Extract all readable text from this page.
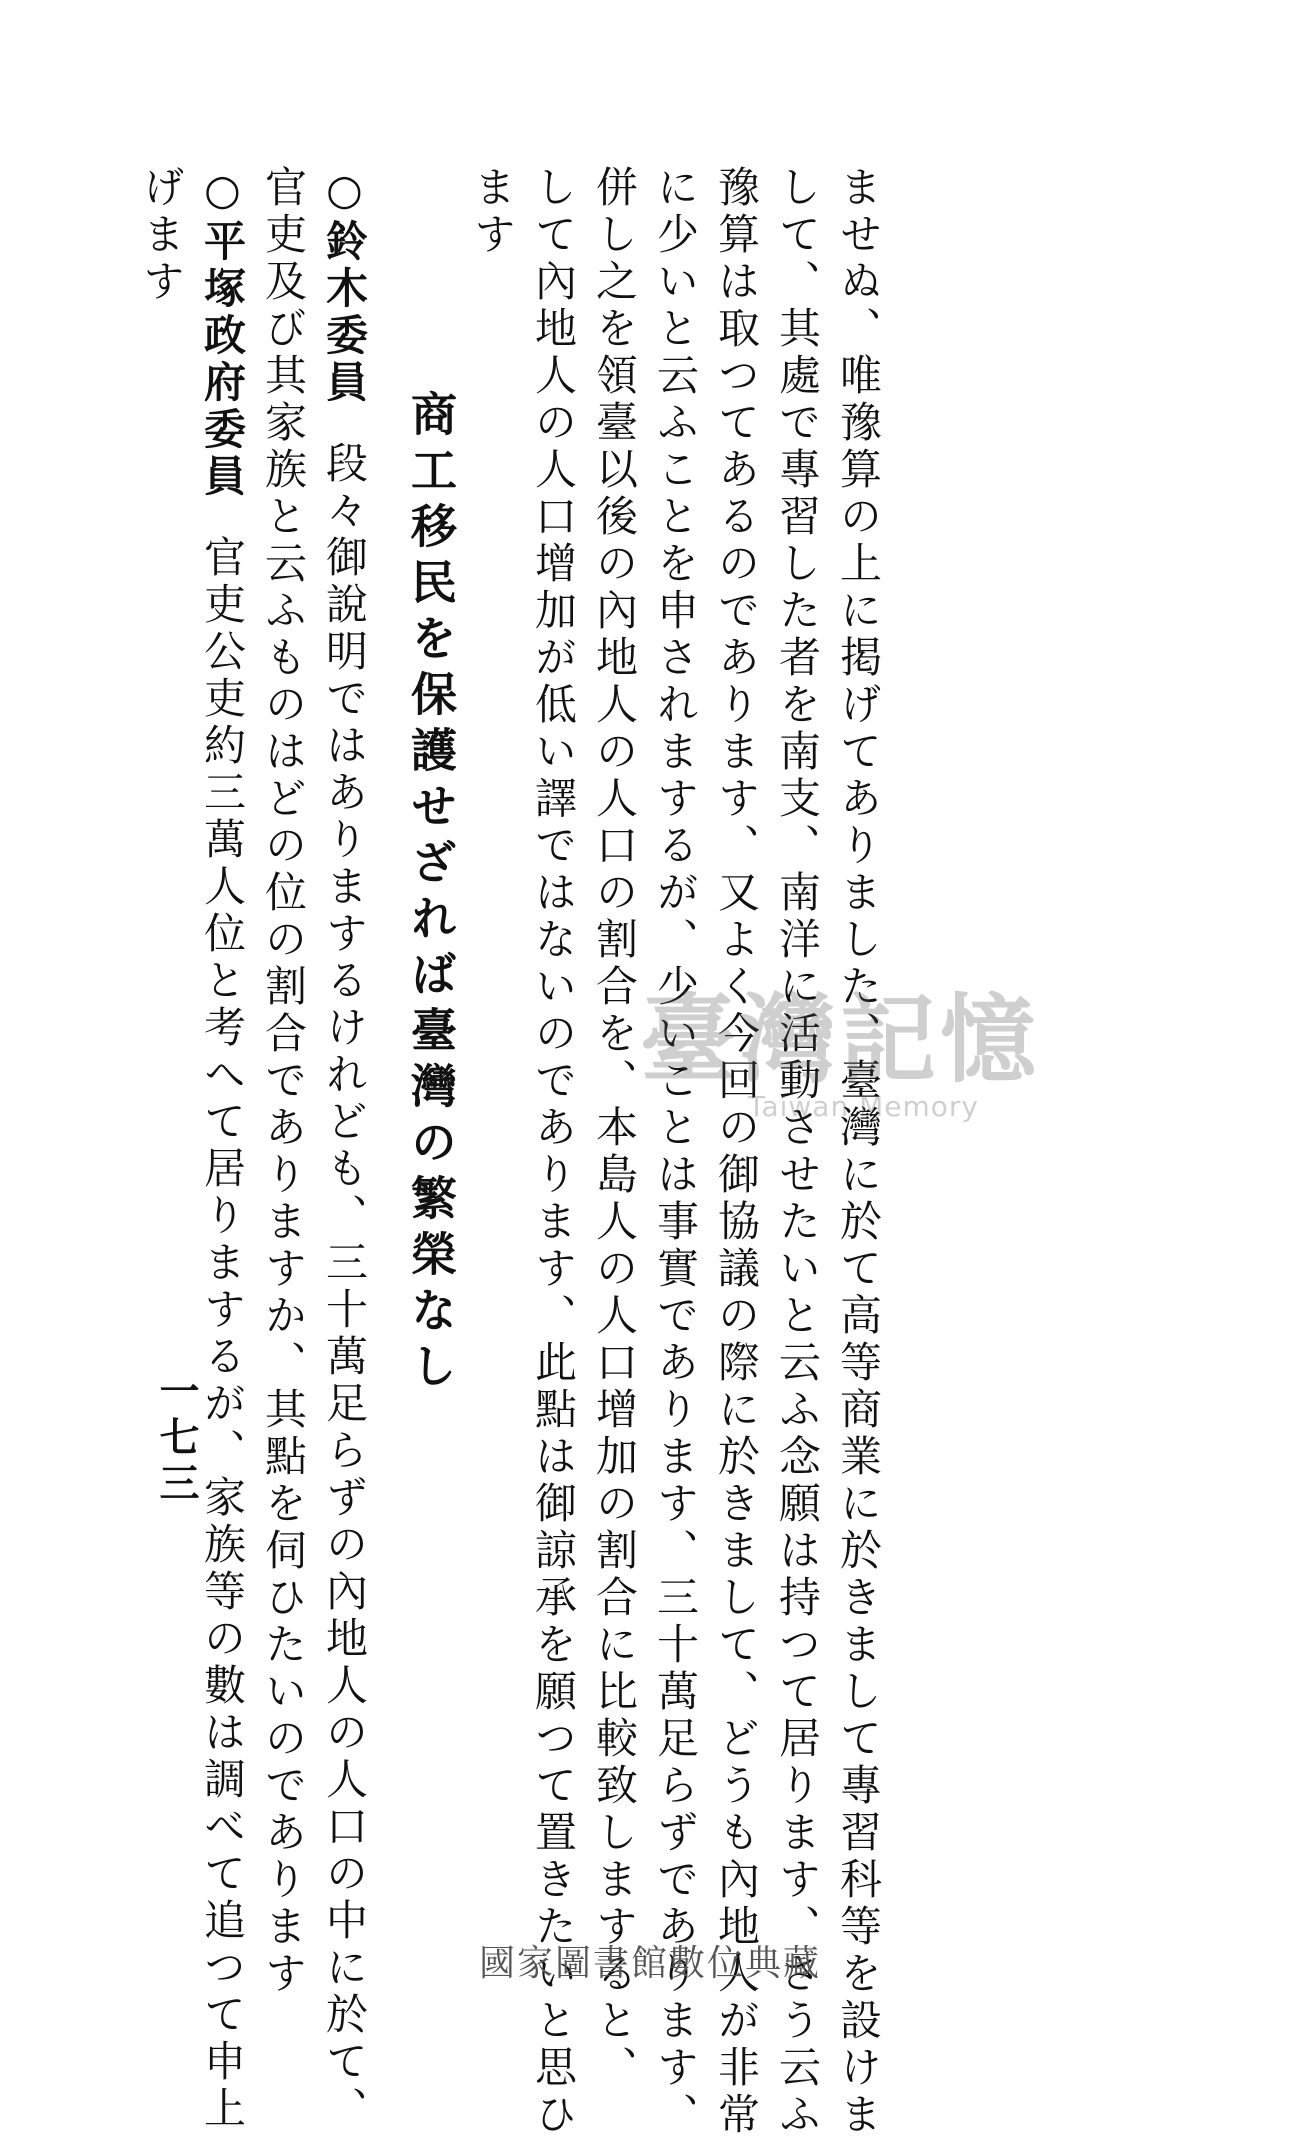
ませぬ、唯豫算の上に掲げてありました、臺灣に於て高等商業に於きまして專習科等を設けま
して、其處で專習した者を南支、南洋に活動させたいと云ふ念願は持つて居ります、さう云ふ
豫算は取つてあるのであります、又よく今回の御協議の際に於きまして、どうも內地人が非常
に少いと云ふことを申されまするが、少いことは事實であります、三十萬足らずであります、
併し之を領臺以後の內地人の人口の割合を、本島人の人口增加の割合に比較致しますると、
して內地人の人口增加が低い譯ではないのであります、此點は御諒承を願つて置きたいと思ひ
ます
商工移民を保護せざれば臺灣の繁榮なし
○鈴木委員段々御說明ではありまするけれども、三十萬足らずの內地人の人口の中に於て、
官吏及び其家族と云ふものはどの位の割合でありますか、其點を伺ひたいのであります
○平塚政府委員官吏公吏約三萬人位と考へて居りまするが、家族等の數は調べて追つて申上
げます
一七三
臺灣記憶
Taiwan Memory
國家圖書館數位典藏
